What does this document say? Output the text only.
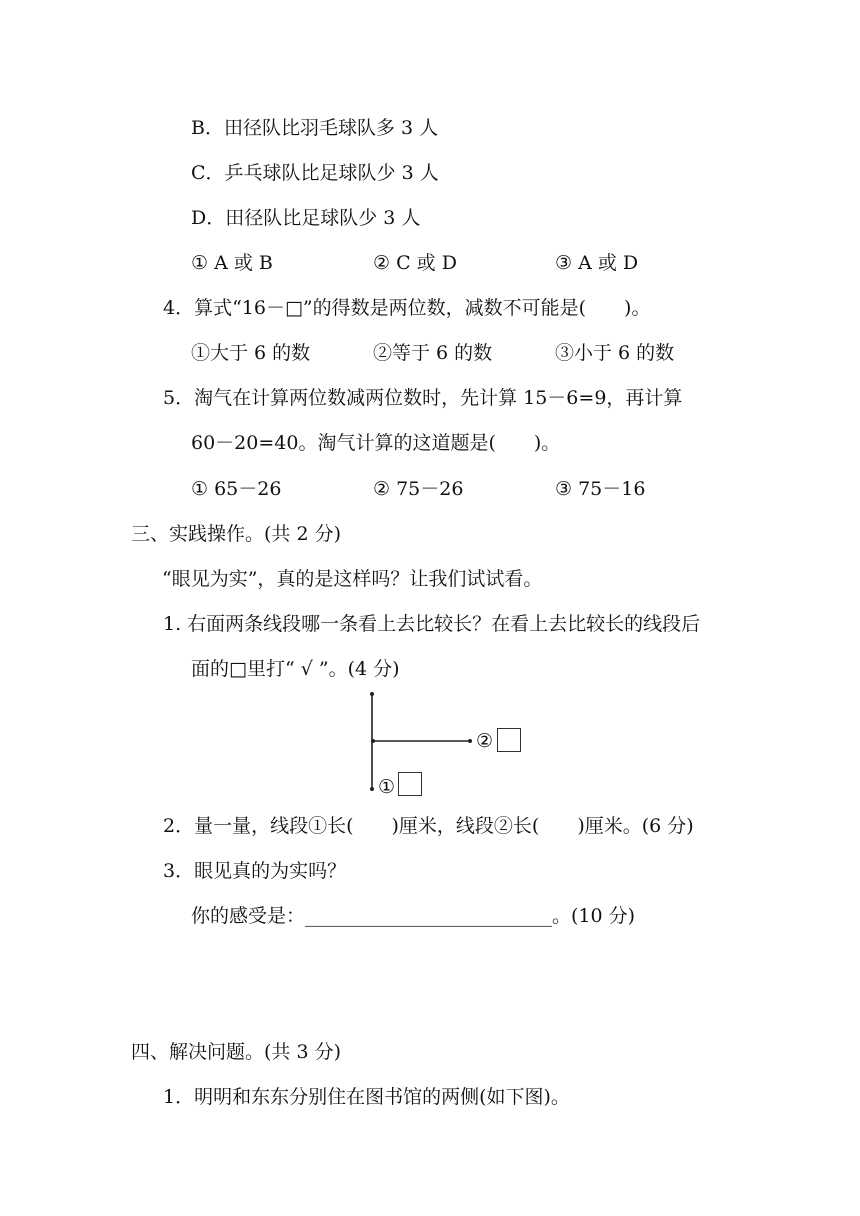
B．田径队比羽毛球队多 3 人
C．乒乓球队比足球队少 3 人
D．田径队比足球队少 3 人
① A 或 B	② C 或 D	③ A 或 D
4．算式“16－□”的得数是两位数，减数不可能是(　　)。
①大于 6 的数	②等于 6 的数	③小于 6 的数
5．淘气在计算两位数减两位数时，先计算 15－6=9，再计算
60－20=40。淘气计算的这道题是(　　)。
① 65－26	② 75－26	③ 75－16
三、实践操作。(共 2 分)
“眼见为实”，真的是这样吗？让我们试试看。
1. 右面两条线段哪一条看上去比较长？在看上去比较长的线段后
面的□里打“ √ ”。(4 分)
②
①
2．量一量，线段①长(　　)厘米，线段②长(　　)厘米。(6 分)
3．眼见真的为实吗？
你的感受是：__________________________。(10 分)
四、解决问题。(共 3 分)
1．明明和东东分别住在图书馆的两侧(如下图)。
